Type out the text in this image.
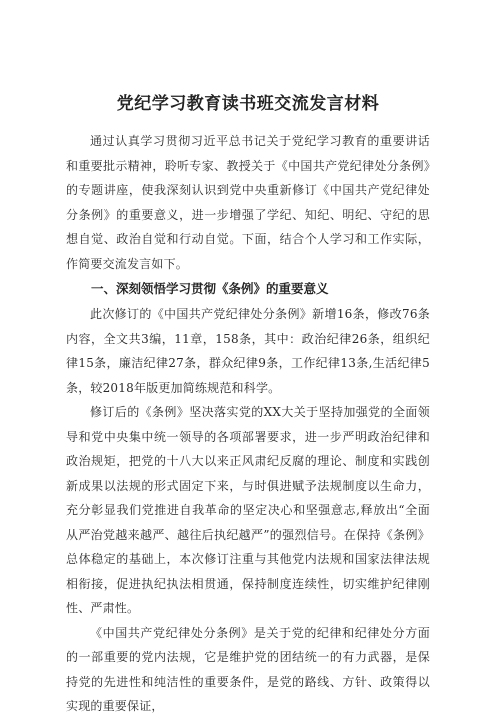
党纪学习教育读书班交流发言材料

通过认真学习贯彻习近平总书记关于党纪学习教育的重要讲话和重要批示精神，聆听专家、教授关于《中国共产党纪律处分条例》的专题讲座，使我深刻认识到党中央重新修订《中国共产党纪律处分条例》的重要意义，进一步增强了学纪、知纪、明纪、守纪的思想自觉、政治自觉和行动自觉。下面，结合个人学习和工作实际，作简要交流发言如下。

一、深刻领悟学习贯彻《条例》的重要意义

此次修订的《中国共产党纪律处分条例》新增16条，修改76条内容，全文共3编，11章，158条，其中：政治纪律26条，组织纪律15条，廉洁纪律27条，群众纪律9条，工作纪律13条,生活纪律5条，较2018年版更加简练规范和科学。

修订后的《条例》坚决落实党的XX大关于坚持加强党的全面领导和党中央集中统一领导的各项部署要求，进一步严明政治纪律和政治规矩，把党的十八大以来正风肃纪反腐的理论、制度和实践创新成果以法规的形式固定下来，与时俱进赋予法规制度以生命力，充分彰显我们党推进自我革命的坚定决心和坚强意志,释放出“全面从严治党越来越严、越往后执纪越严”的强烈信号。在保持《条例》总体稳定的基础上，本次修订注重与其他党内法规和国家法律法规相衔接，促进执纪执法相贯通，保持制度连续性，切实维护纪律刚性、严肃性。

《中国共产党纪律处分条例》是关于党的纪律和纪律处分方面的一部重要的党内法规，它是维护党的团结统一的有力武器，是保持党的先进性和纯洁性的重要条件，是党的路线、方针、政策得以实现的重要保证，
